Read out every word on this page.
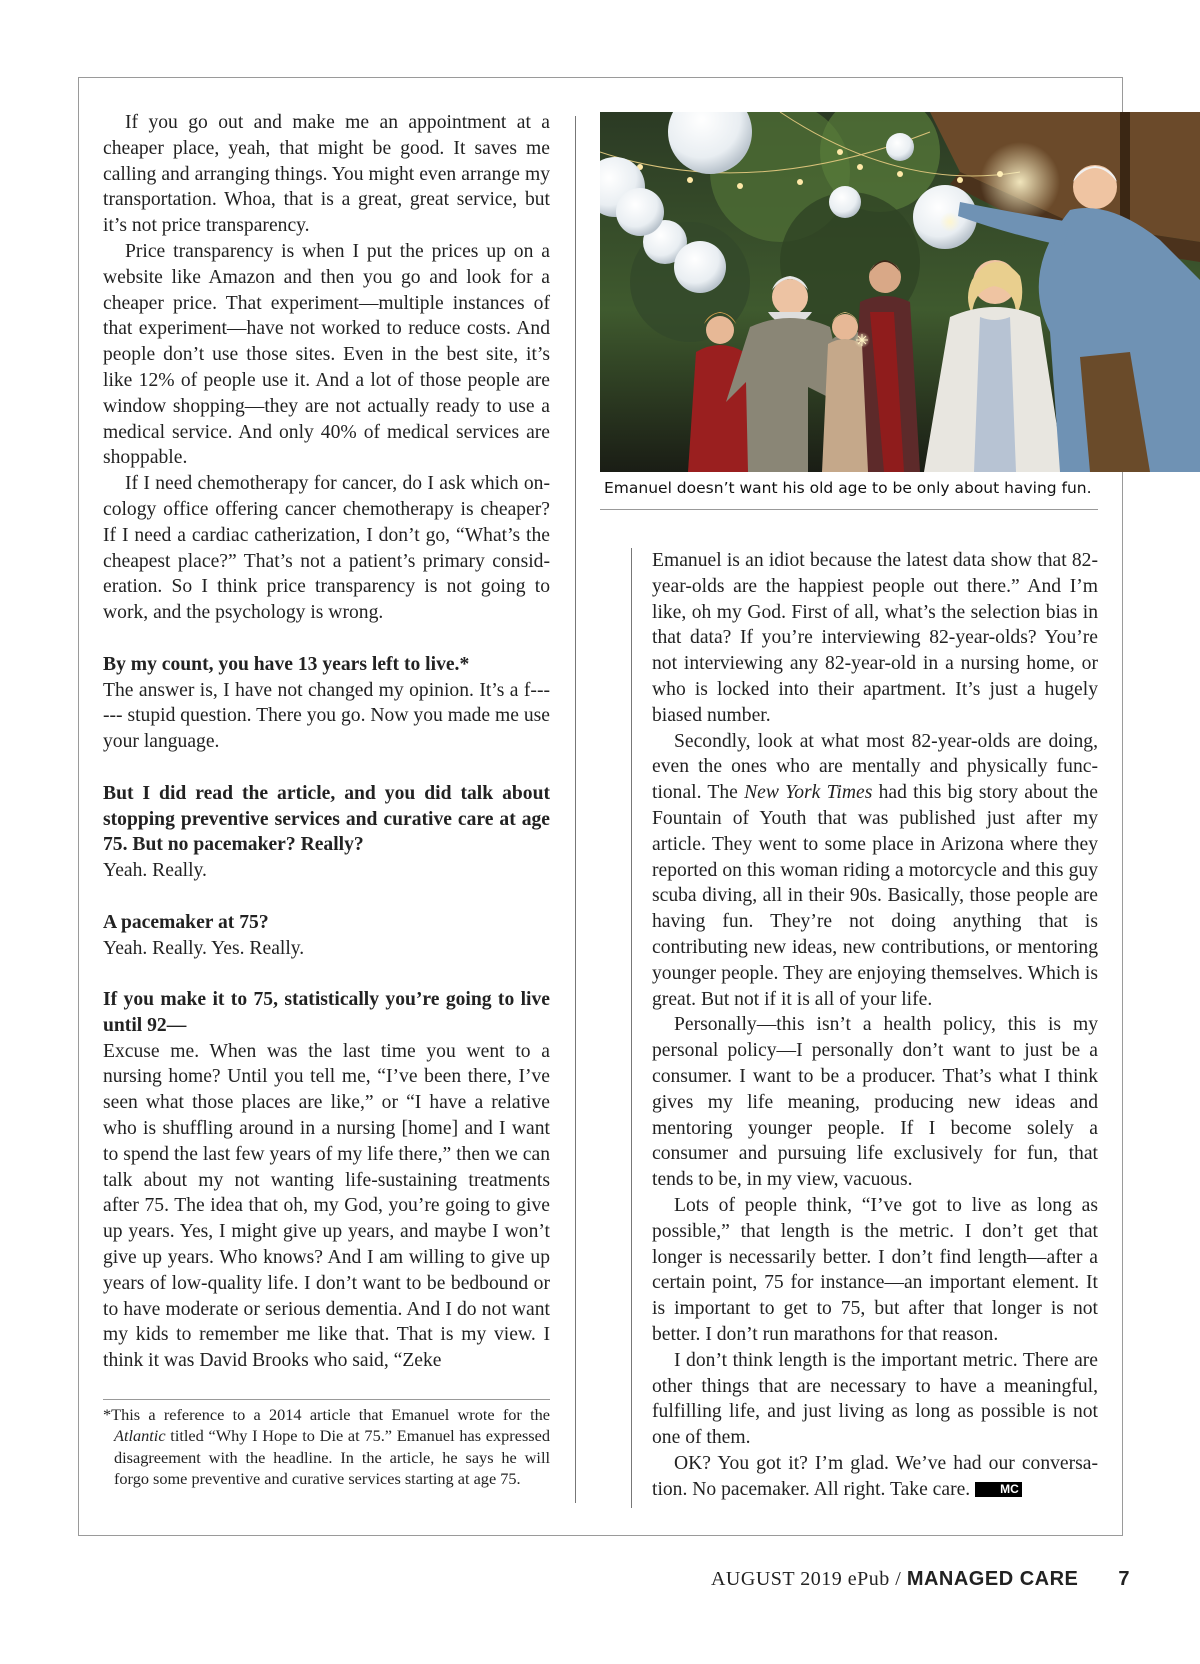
If you go out and make me an appointment at a cheaper place, yeah, that might be good. It saves me calling and arranging things. You might even arrange my transportation. Whoa, that is a great, great service, but it’s not price transparency.

Price transparency is when I put the prices up on a website like Amazon and then you go and look for a cheaper price. That experiment—multiple instances of that experiment—have not worked to reduce costs. And people don’t use those sites. Even in the best site, it’s like 12% of people use it. And a lot of those people are window shopping—they are not actually ready to use a medical service. And only 40% of medical services are shoppable.

If I need chemotherapy for cancer, do I ask which oncology office offering cancer chemotherapy is cheaper? If I need a cardiac catherization, I don’t go, “What’s the cheapest place?” That’s not a patient’s primary consideration. So I think price transparency is not going to work, and the psychology is wrong.

By my count, you have 13 years left to live.*

The answer is, I have not changed my opinion. It’s a f------ stupid question. There you go. Now you made me use your language.

But I did read the article, and you did talk about stopping preventive services and curative care at age 75. But no pacemaker? Really?

Yeah. Really.

A pacemaker at 75?

Yeah. Really. Yes. Really.

If you make it to 75, statistically you’re going to live until 92—

Excuse me. When was the last time you went to a nursing home? Until you tell me, “I’ve been there, I’ve seen what those places are like,” or “I have a relative who is shuffling around in a nursing [home] and I want to spend the last few years of my life there,” then we can talk about my not wanting life-sustaining treatments after 75. The idea that oh, my God, you’re going to give up years. Yes, I might give up years, and maybe I won’t give up years. Who knows? And I am willing to give up years of low-quality life. I don’t want to be bedbound or to have moderate or serious dementia. And I do not want my kids to remember me like that. That is my view. I think it was David Brooks who said, “Zeke

*This a reference to a 2014 article that Emanuel wrote for the Atlantic titled “Why I Hope to Die at 75.” Emanuel has expressed disagreement with the headline. In the article, he says he will forgo some preventive and curative services starting at age 75.
Emanuel doesn’t want his old age to be only about having fun.

Emanuel is an idiot because the latest data show that 82-year-olds are the happiest people out there.” And I’m like, oh my God. First of all, what’s the selection bias in that data? If you’re interviewing 82-year-olds? You’re not interviewing any 82-year-old in a nursing home, or who is locked into their apartment. It’s just a hugely biased number.

Secondly, look at what most 82-year-olds are doing, even the ones who are mentally and physically functional. The New York Times had this big story about the Fountain of Youth that was published just after my article. They went to some place in Arizona where they reported on this woman riding a motorcycle and this guy scuba diving, all in their 90s. Basically, those people are having fun. They’re not doing anything that is contributing new ideas, new contributions, or mentoring younger people. They are enjoying themselves. Which is great. But not if it is all of your life.

Personally—this isn’t a health policy, this is my personal policy—I personally don’t want to just be a consumer. I want to be a producer. That’s what I think gives my life meaning, producing new ideas and mentoring younger people. If I become solely a consumer and pursuing life exclusively for fun, that tends to be, in my view, vacuous.

Lots of people think, “I’ve got to live as long as possible,” that length is the metric. I don’t get that longer is necessarily better. I don’t find length—after a certain point, 75 for instance—an important element. It is important to get to 75, but after that longer is not better. I don’t run marathons for that reason.

I don’t think length is the important metric. There are other things that are necessary to have a meaningful, fulfilling life, and just living as long as possible is not one of them.

OK? You got it? I’m glad. We’ve had our conversation. No pacemaker. All right. Take care. MC

AUGUST 2019 ePub / MANAGED CARE 7
